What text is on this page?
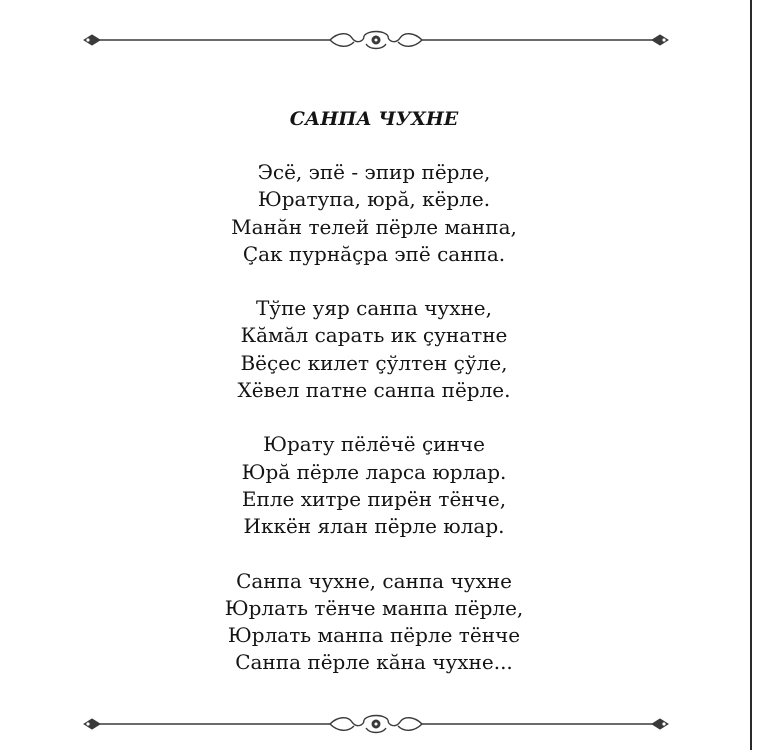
САНПА ЧУХНЕ
Эсё, эпё - эпир пёрле,
Юратупа, юрă, кёрле.
Манăн телей пёрле манпа,
Çак пурнăçра эпё санпа.
Тўпе уяр санпа чухне,
Кăмăл сарать ик çунатне
Вёçес килет çўлтен çўле,
Хёвел патне санпа пёрле.
Юрату пёлёчё çинче
Юрă пёрле ларса юрлар.
Епле хитре пирён тёнче,
Иккён ялан пёрле юлар.
Санпа чухне, санпа чухне
Юрлать тёнче манпа пёрле,
Юрлать манпа пёрле тёнче
Санпа пёрле кăна чухне...
